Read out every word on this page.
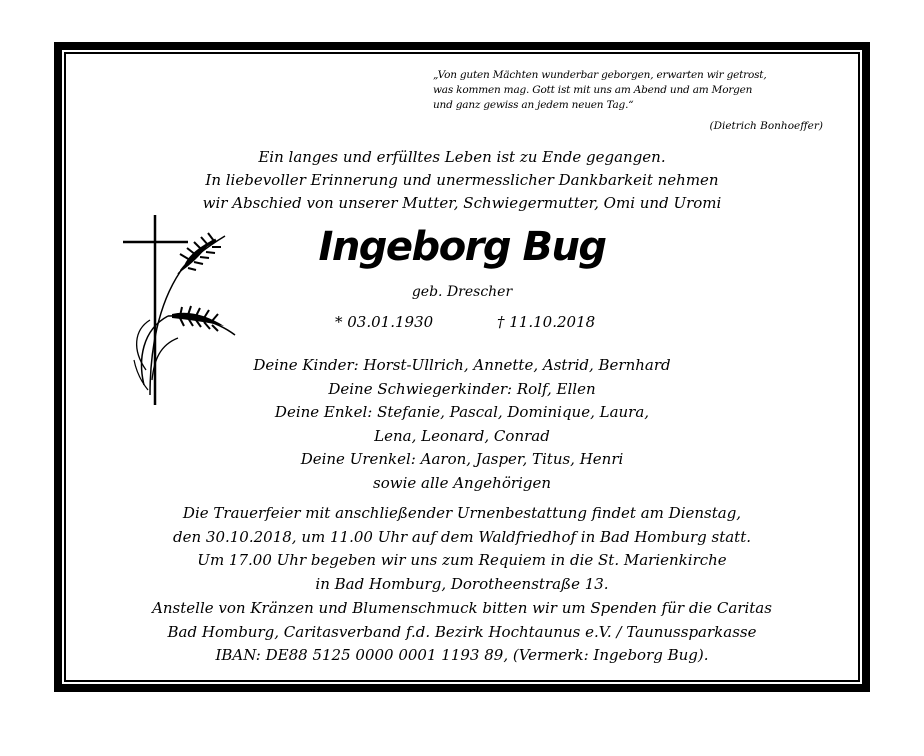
„Von guten Mächten wunderbar geborgen, erwarten wir getrost,
was kommen mag. Gott ist mit uns am Abend und am Morgen
und ganz gewiss an jedem neuen Tag.“
(Dietrich Bonhoeffer)
Ein langes und erfülltes Leben ist zu Ende gegangen.
In liebevoller Erinnerung und unermesslicher Dankbarkeit nehmen
wir Abschied von unserer Mutter, Schwiegermutter, Omi und Uromi
Ingeborg Bug
geb. Drescher
* 03.01.1930	† 11.10.2018
Deine Kinder: Horst-Ullrich, Annette, Astrid, Bernhard
Deine Schwiegerkinder: Rolf, Ellen
Deine Enkel: Stefanie, Pascal, Dominique, Laura,
Lena, Leonard, Conrad
Deine Urenkel: Aaron, Jasper, Titus, Henri
sowie alle Angehörigen
Die Trauerfeier mit anschließender Urnenbestattung findet am Dienstag,
den 30.10.2018, um 11.00 Uhr auf dem Waldfriedhof in Bad Homburg statt.
Um 17.00 Uhr begeben wir uns zum Requiem in die St. Marienkirche
in Bad Homburg, Dorotheenstraße 13.
Anstelle von Kränzen und Blumenschmuck bitten wir um Spenden für die Caritas
Bad Homburg, Caritasverband f.d. Bezirk Hochtaunus e.V. / Taunussparkasse
IBAN: DE88 5125 0000 0001 1193 89, (Vermerk: Ingeborg Bug).
